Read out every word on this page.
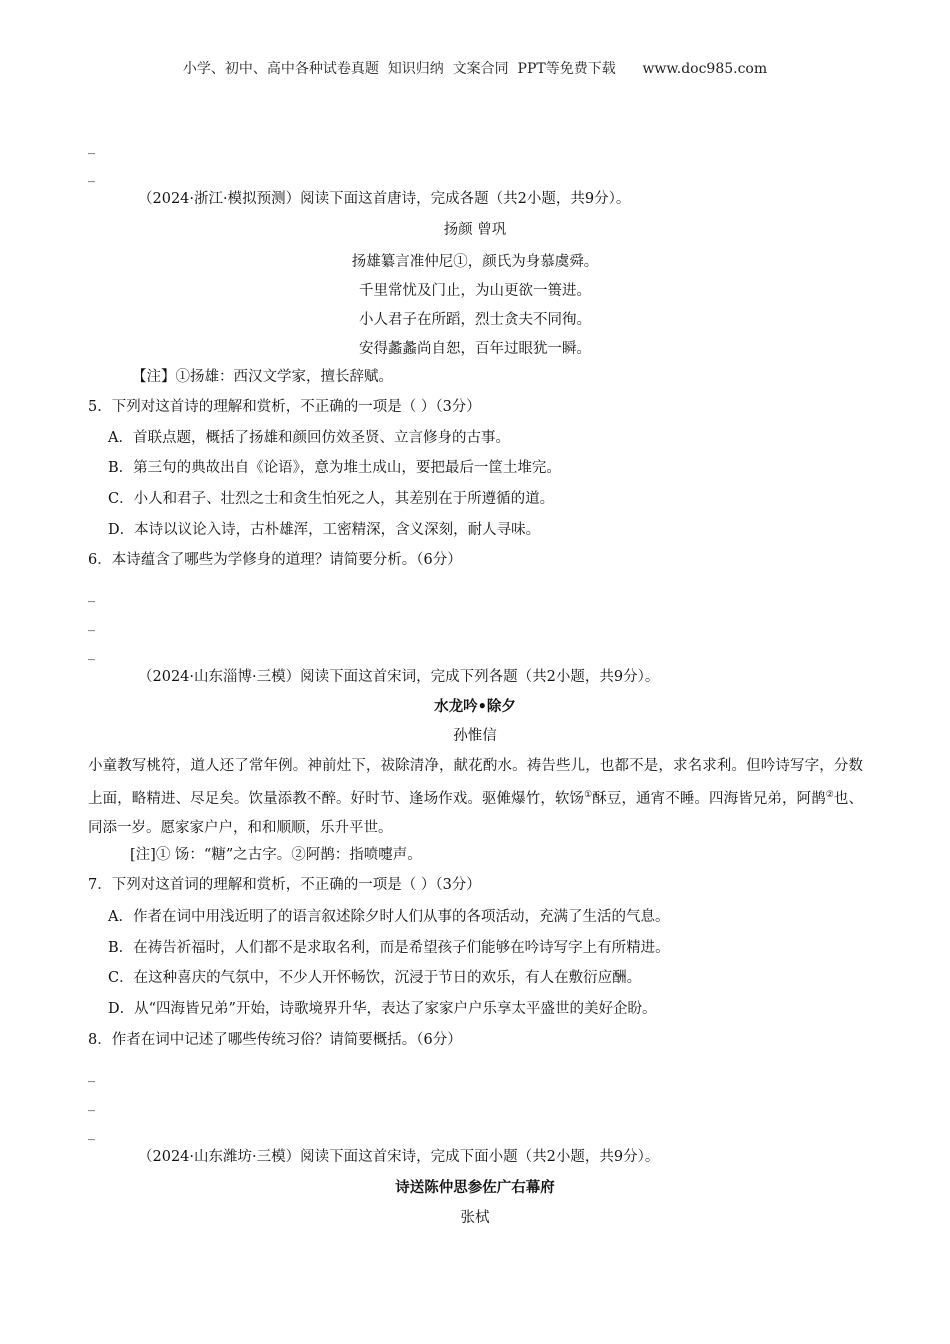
小学、初中、高中各种试卷真题  知识归纳  文案合同  PPT等免费下载 www.doc985.com
_
_
（2024·浙江·模拟预测）阅读下面这首唐诗，完成各题（共2小题，共9分）。
扬颜 曾巩
扬雄纂言准仲尼①，颜氏为身慕虞舜。
千里常忧及门止，为山更欲一篑进。
小人君子在所蹈，烈士贪夫不同徇。
安得蠡蠡尚自恕，百年过眼犹一瞬。
【注】①扬雄：西汉文学家，擅长辞赋。
5．下列对这首诗的理解和赏析，不正确的一项是（ ）（3分）
A．首联点题，概括了扬雄和颜回仿效圣贤、立言修身的古事。
B．第三句的典故出自《论语》，意为堆土成山，要把最后一筐土堆完。
C．小人和君子、壮烈之士和贪生怕死之人，其差别在于所遵循的道。
D．本诗以议论入诗，古朴雄浑，工密精深，含义深刻，耐人寻味。
6．本诗蕴含了哪些为学修身的道理？请简要分析。（6分）
_
_
_
（2024·山东淄博·三模）阅读下面这首宋词，完成下列各题（共2小题，共9分）。
水龙吟•除夕
孙惟信
小童教写桃符，道人还了常年例。神前灶下，祓除清净，献花酌水。祷告些儿，也都不是，求名求利。但吟诗写字，分数上面，略精进、尽足矣。饮量添教不醉。好时节、逢场作戏。驱傩爆竹，软饧①酥豆，通宵不睡。四海皆兄弟，阿鹊②也、同添一岁。愿家家户户，和和顺顺，乐升平世。
[注]① 饧：“糖”之古字。②阿鹊：指喷嚏声。
7．下列对这首词的理解和赏析，不正确的一项是（ ）（3分）
A．作者在词中用浅近明了的语言叙述除夕时人们从事的各项活动，充满了生活的气息。
B．在祷告祈福时，人们都不是求取名利，而是希望孩子们能够在吟诗写字上有所精进。
C．在这种喜庆的气氛中，不少人开怀畅饮，沉浸于节日的欢乐，有人在敷衍应酬。
D．从“四海皆兄弟”开始，诗歌境界升华，表达了家家户户乐享太平盛世的美好企盼。
8．作者在词中记述了哪些传统习俗？请简要概括。（6分）
_
_
_
（2024·山东潍坊·三模）阅读下面这首宋诗，完成下面小题（共2小题，共9分）。
诗送陈仲思参佐广右幕府
张栻
